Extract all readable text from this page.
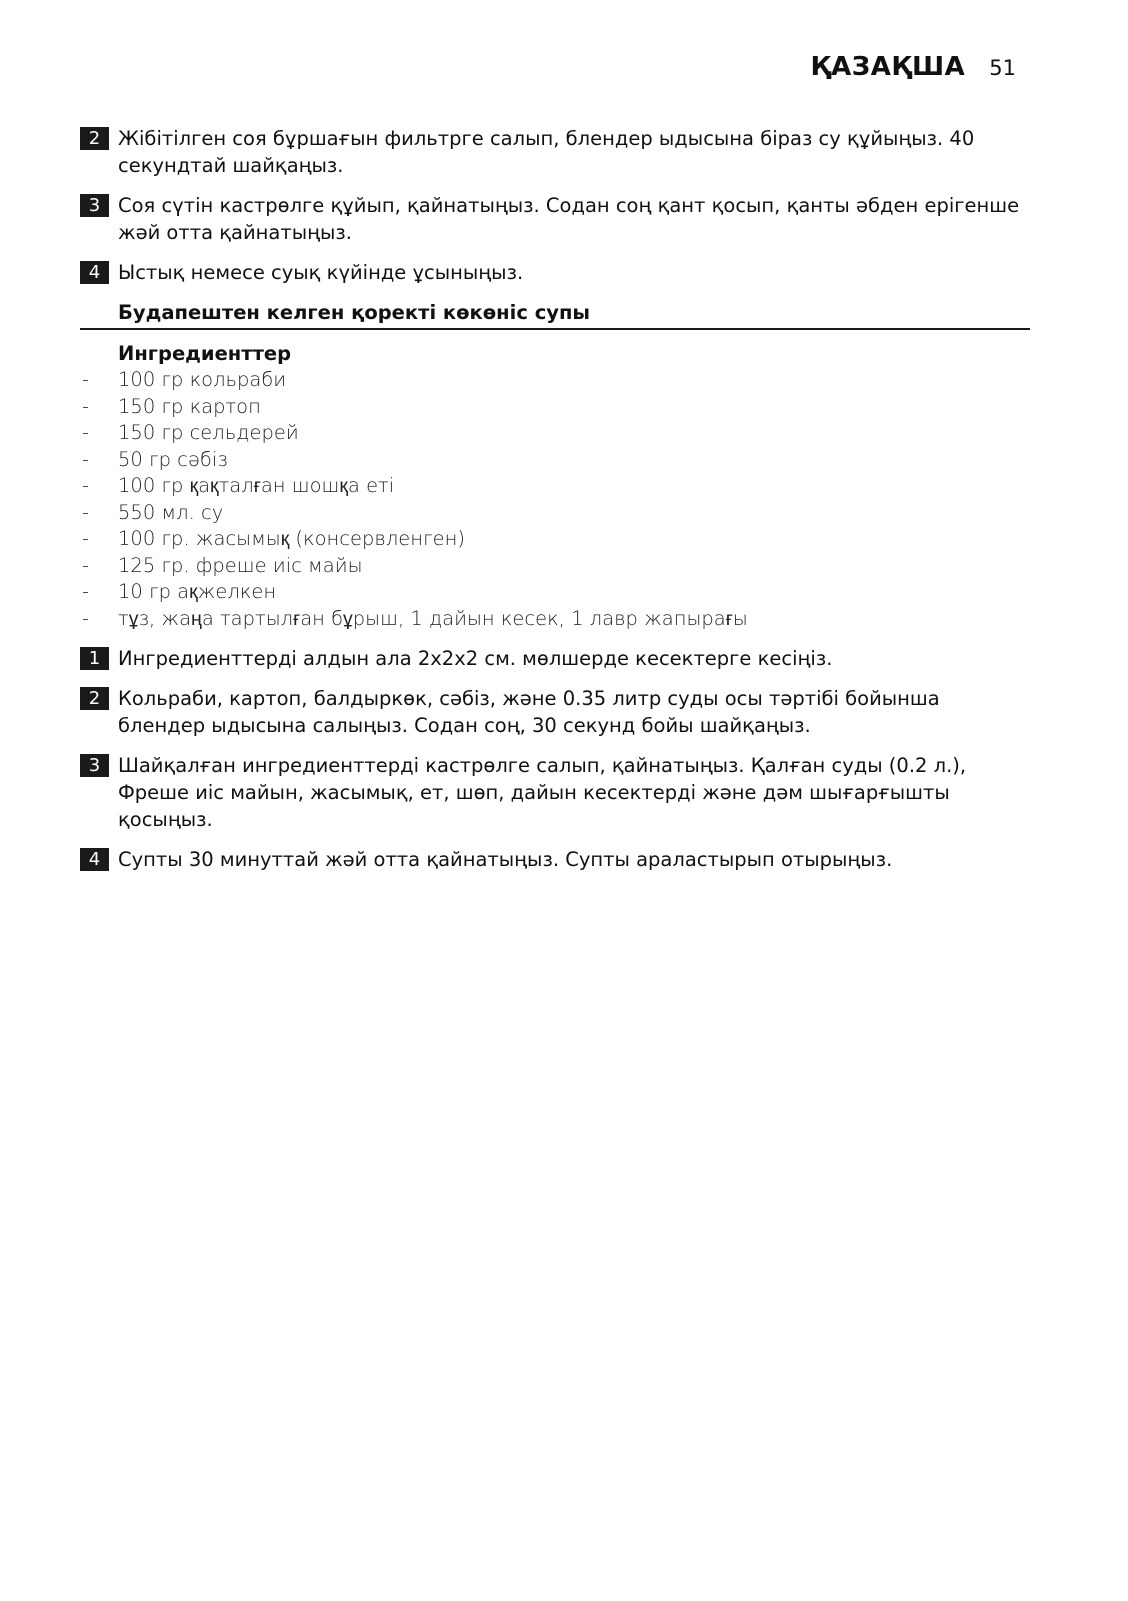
ҚАЗАҚША 51
2 Жібітілген соя бұршағын фильтрге салып, блендер ыдысына біраз су құйыңыз. 40 секундтай шайқаңыз.
3 Соя сүтін кастрөлге құйып, қайнатыңыз. Содан соң қант қосып, қанты әбден ерігенше жәй отта қайнатыңыз.
4 Ыстық немесе суық күйінде ұсыныңыз.
Будапештен келген қоректі көкөніс супы
Ингредиенттер
- 100 гр кольраби
- 150 гр картоп
- 150 гр сельдерей
- 50 гр сәбіз
- 100 гр қақталған шошқа еті
- 550 мл. су
- 100 гр. жасымық (консервленген)
- 125 гр. фреше иіс майы
- 10 гр ақжелкен
- тұз, жаңа тартылған бұрыш, 1 дайын кесек, 1 лавр жапырағы
1 Ингредиенттерді алдын ала 2x2x2 см. мөлшерде кесектерге кесіңіз.
2 Кольраби, картоп, балдыркөк, сәбіз, және 0.35 литр суды осы тәртібі бойынша блендер ыдысына салыңыз. Содан соң, 30 секунд бойы шайқаңыз.
3 Шайқалған ингредиенттерді кастрөлге салып, қайнатыңыз. Қалған суды (0.2 л.), Фреше иіс майын, жасымық, ет, шөп, дайын кесектерді және дәм шығарғышты қосыңыз.
4 Супты 30 минуттай жәй отта қайнатыңыз. Супты араластырып отырыңыз.
